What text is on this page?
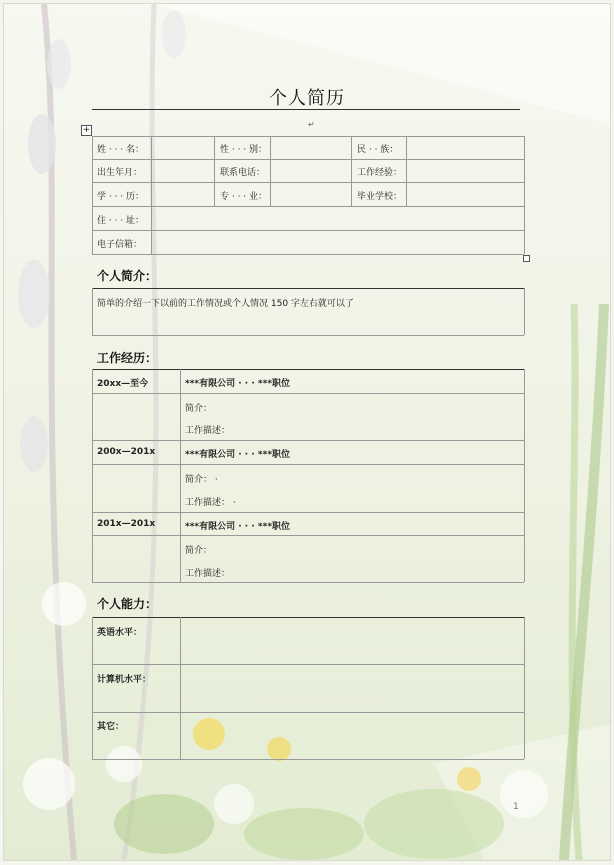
个人简历
↵
+
姓 · · · 名：	性 · · · 别：	民 · · 族：
出生年月：	联系电话：	工作经验：
学 · · · 历：	专 · · · 业：	毕业学校：
住 · · · 址：
电子信箱：
个人简介：
简单的介绍一下以前的工作情况或个人情况 150 字左右就可以了
工作经历：
20xx—至今	***有限公司 · · · ***职位
简介：
工作描述：
200x—201x	***有限公司 · · · ***职位
简介： ·
工作描述： ·
201x—201x	***有限公司 · · · ***职位
简介：
工作描述：
个人能力：
英语水平：
计算机水平：
其它：
1
